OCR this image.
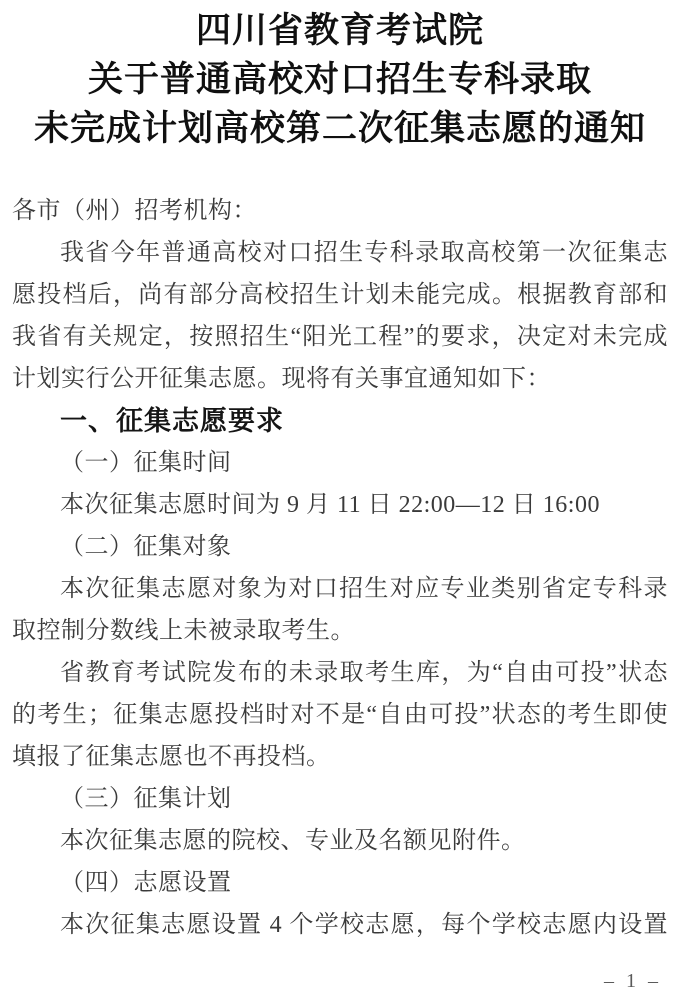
四川省教育考试院
关于普通高校对口招生专科录取
未完成计划高校第二次征集志愿的通知
各市（州）招考机构：
我省今年普通高校对口招生专科录取高校第一次征集志
愿投档后，尚有部分高校招生计划未能完成。根据教育部和
我省有关规定，按照招生“阳光工程”的要求，决定对未完成
计划实行公开征集志愿。现将有关事宜通知如下：
一、征集志愿要求
（一）征集时间
本次征集志愿时间为 9 月 11 日 22:00—12 日 16:00
（二）征集对象
本次征集志愿对象为对口招生对应专业类别省定专科录
取控制分数线上未被录取考生。
省教育考试院发布的未录取考生库，为“自由可投”状态
的考生；征集志愿投档时对不是“自由可投”状态的考生即使
填报了征集志愿也不再投档。
（三）征集计划
本次征集志愿的院校、专业及名额见附件。
（四）志愿设置
本次征集志愿设置 4 个学校志愿，每个学校志愿内设置
– 1 –
